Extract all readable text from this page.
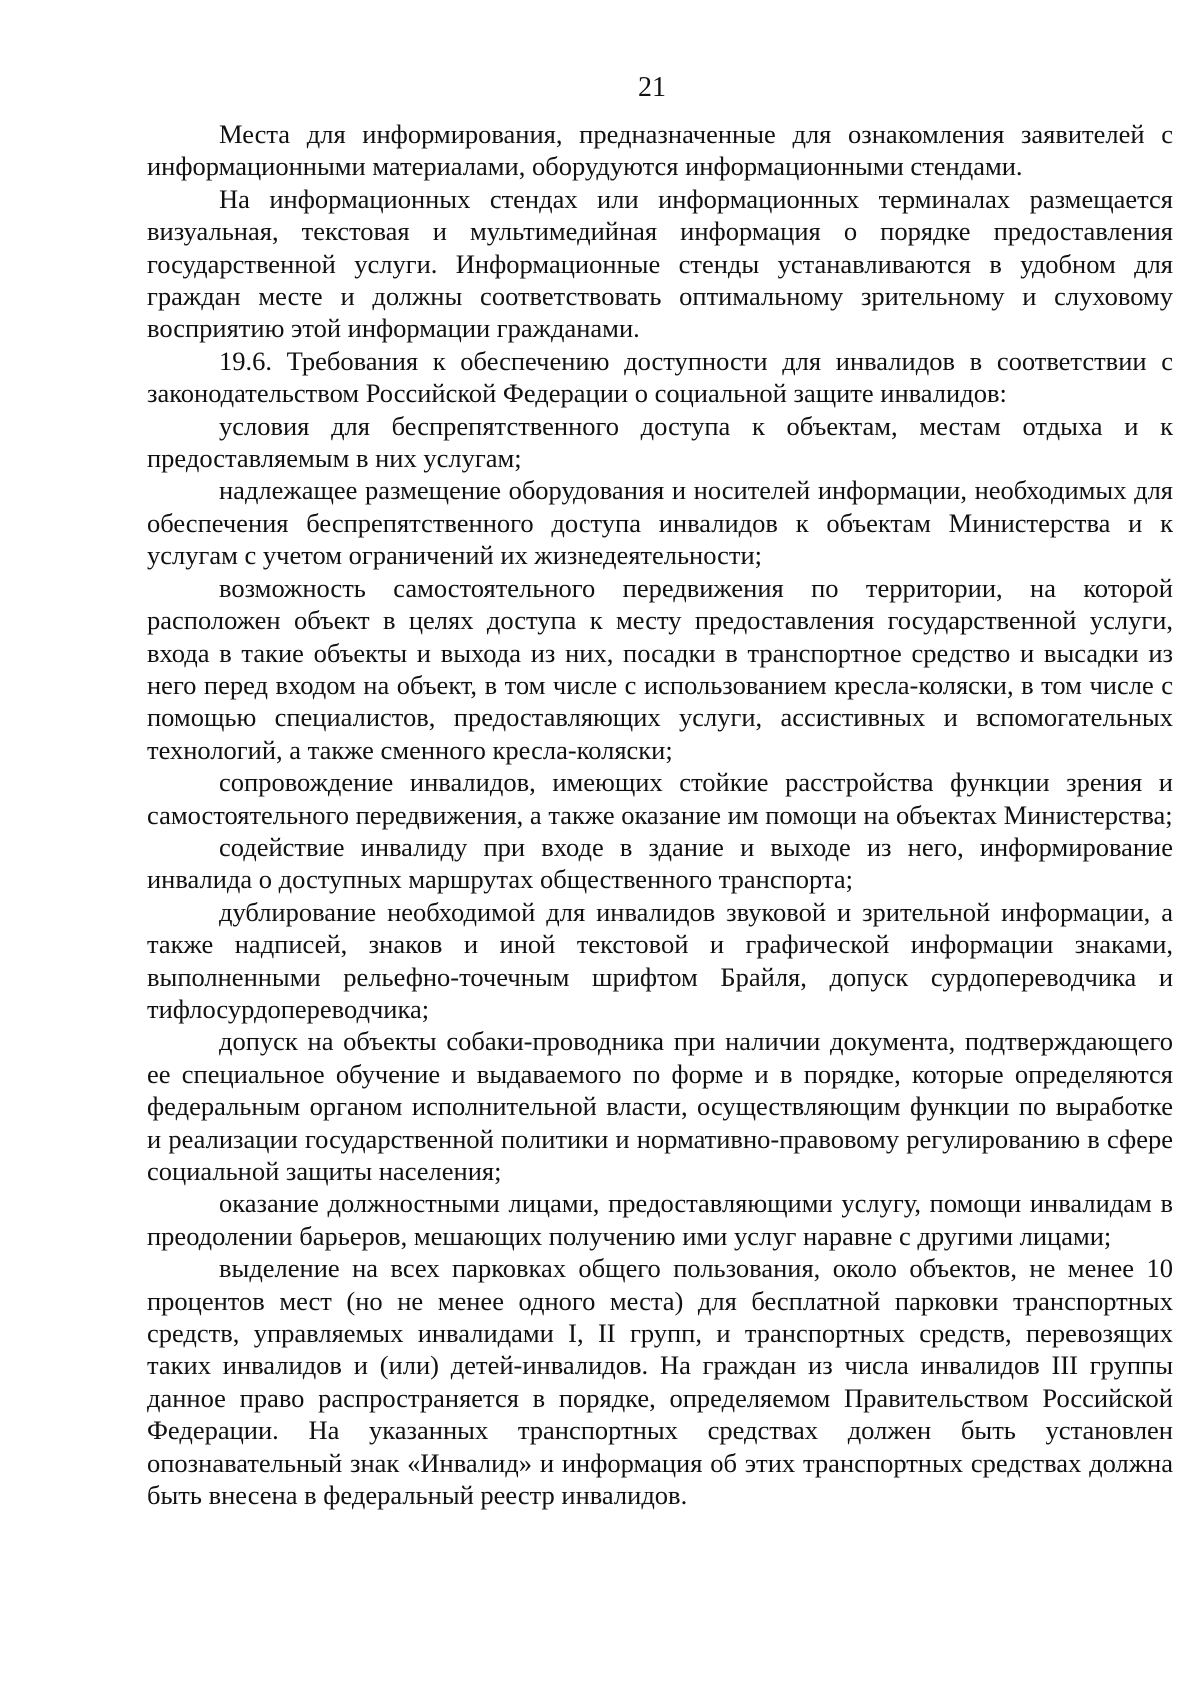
21

Места для информирования, предназначенные для ознакомления заявителей с информационными материалами, оборудуются информационными стендами.

На информационных стендах или информационных терминалах размещается визуальная, текстовая и мультимедийная информация о порядке предоставления государственной услуги. Информационные стенды устанавливаются в удобном для граждан месте и должны соответствовать оптимальному зрительному и слуховому восприятию этой информации гражданами.

19.6. Требования к обеспечению доступности для инвалидов в соответствии с законодательством Российской Федерации о социальной защите инвалидов:

условия для беспрепятственного доступа к объектам, местам отдыха и к предоставляемым в них услугам;

надлежащее размещение оборудования и носителей информации, необходимых для обеспечения беспрепятственного доступа инвалидов к объектам Министерства и к услугам с учетом ограничений их жизнедеятельности;

возможность самостоятельного передвижения по территории, на которой расположен объект в целях доступа к месту предоставления государственной услуги, входа в такие объекты и выхода из них, посадки в транспортное средство и высадки из него перед входом на объект, в том числе с использованием кресла-коляски, в том числе с помощью специалистов, предоставляющих услуги, ассистивных и вспомогательных технологий, а также сменного кресла-коляски;

сопровождение инвалидов, имеющих стойкие расстройства функции зрения и самостоятельного передвижения, а также оказание им помощи на объектах Министерства;

содействие инвалиду при входе в здание и выходе из него, информирование инвалида о доступных маршрутах общественного транспорта;

дублирование необходимой для инвалидов звуковой и зрительной информации, а также надписей, знаков и иной текстовой и графической информации знаками, выполненными рельефно-точечным шрифтом Брайля, допуск сурдопереводчика и тифлосурдопереводчика;

допуск на объекты собаки-проводника при наличии документа, подтверждающего ее специальное обучение и выдаваемого по форме и в порядке, которые определяются федеральным органом исполнительной власти, осуществляющим функции по выработке и реализации государственной политики и нормативно-правовому регулированию в сфере социальной защиты населения;

оказание должностными лицами, предоставляющими услугу, помощи инвалидам в преодолении барьеров, мешающих получению ими услуг наравне с другими лицами;

выделение на всех парковках общего пользования, около объектов, не менее 10 процентов мест (но не менее одного места) для бесплатной парковки транспортных средств, управляемых инвалидами I, II групп, и транспортных средств, перевозящих таких инвалидов и (или) детей-инвалидов. На граждан из числа инвалидов III группы данное право распространяется в порядке, определяемом Правительством Российской Федерации. На указанных транспортных средствах должен быть установлен опознавательный знак «Инвалид» и информация об этих транспортных средствах должна быть внесена в федеральный реестр инвалидов.
